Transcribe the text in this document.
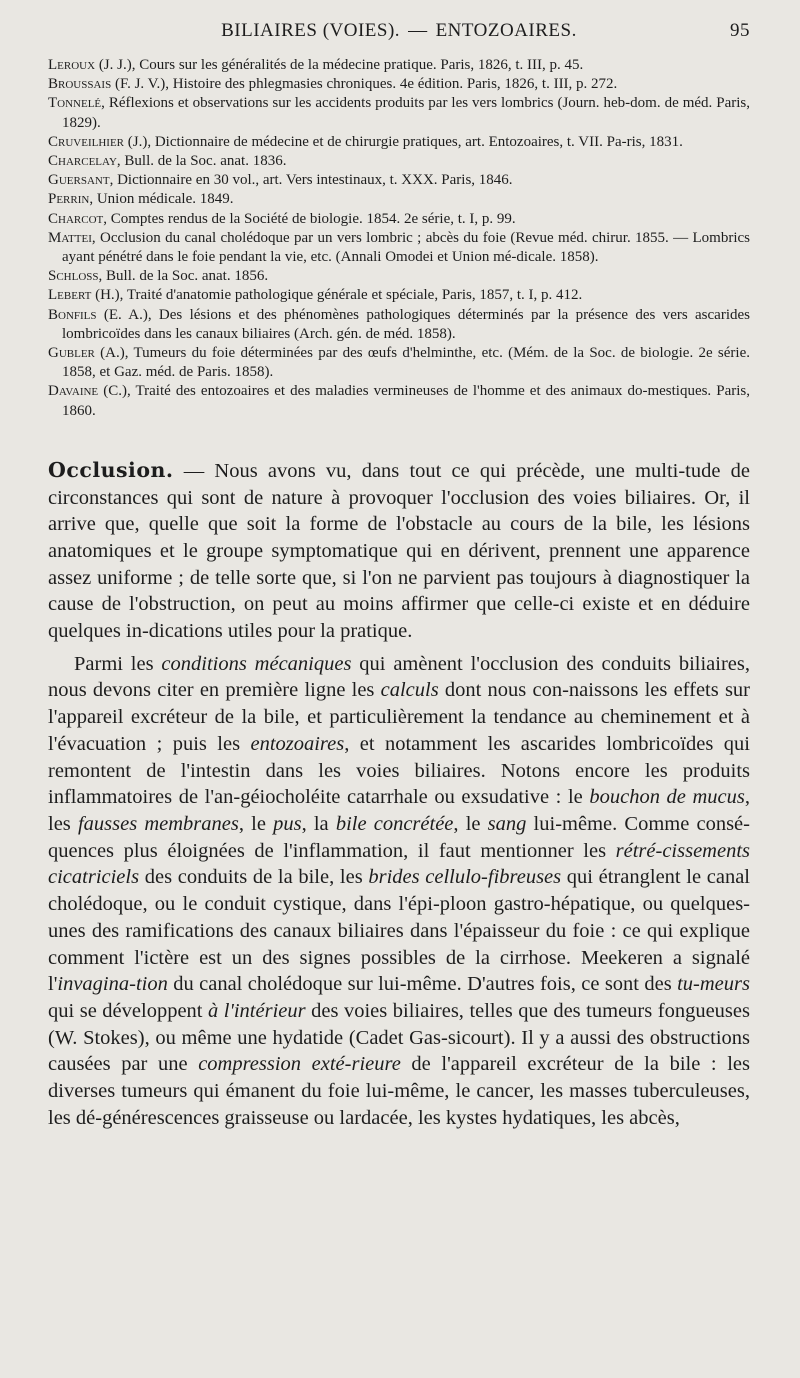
BILIAIRES (VOIES). — ENTOZOAIRES.	95
Leroux (J. J.), Cours sur les généralités de la médecine pratique. Paris, 1826, t. III, p. 45.
Broussais (F. J. V.), Histoire des phlegmasies chroniques. 4e édition. Paris, 1826, t. III, p. 272.
Tonnelé, Réflexions et observations sur les accidents produits par les vers lombrics (Journ. heb-dom. de méd. Paris, 1829).
Cruveilhier (J.), Dictionnaire de médecine et de chirurgie pratiques, art. Entozoaires, t. VII. Pa-ris, 1831.
Charcelay, Bull. de la Soc. anat. 1836.
Guersant, Dictionnaire en 30 vol., art. Vers intestinaux, t. XXX. Paris, 1846.
Perrin, Union médicale. 1849.
Charcot, Comptes rendus de la Société de biologie. 1854. 2e série, t. I, p. 99.
Mattei, Occlusion du canal cholédoque par un vers lombric ; abcès du foie (Revue méd. chirur. 1855. — Lombrics ayant pénétré dans le foie pendant la vie, etc. (Annali Omodei et Union mé-dicale. 1858).
Schloss, Bull. de la Soc. anat. 1856.
Lebert (H.), Traité d'anatomie pathologique générale et spéciale, Paris, 1857, t. I, p. 412.
Bonfils (E. A.), Des lésions et des phénomènes pathologiques déterminés par la présence des vers ascarides lombricoïdes dans les canaux biliaires (Arch. gén. de méd. 1858).
Gubler (A.), Tumeurs du foie déterminées par des œufs d'helminthe, etc. (Mém. de la Soc. de biologie. 2e série. 1858, et Gaz. méd. de Paris. 1858).
Davaine (C.), Traité des entozoaires et des maladies vermineuses de l'homme et des animaux do-mestiques. Paris, 1860.

Occlusion. — Nous avons vu, dans tout ce qui précède, une multi-tude de circonstances qui sont de nature à provoquer l'occlusion des voies biliaires. Or, il arrive que, quelle que soit la forme de l'obstacle au cours de la bile, les lésions anatomiques et le groupe symptomatique qui en dérivent, prennent une apparence assez uniforme ; de telle sorte que, si l'on ne parvient pas toujours à diagnostiquer la cause de l'obstruction, on peut au moins affirmer que celle-ci existe et en déduire quelques in-dications utiles pour la pratique.

Parmi les conditions mécaniques qui amènent l'occlusion des conduits biliaires, nous devons citer en première ligne les calculs dont nous con-naissons les effets sur l'appareil excréteur de la bile, et particulièrement la tendance au cheminement et à l'évacuation ; puis les entozoaires, et notamment les ascarides lombricoïdes qui remontent de l'intestin dans les voies biliaires. Notons encore les produits inflammatoires de l'an-géiocholéite catarrhale ou exsudative : le bouchon de mucus, les fausses membranes, le pus, la bile concrétée, le sang lui-même. Comme consé-quences plus éloignées de l'inflammation, il faut mentionner les rétré-cissements cicatriciels des conduits de la bile, les brides cellulo-fibreuses qui étranglent le canal cholédoque, ou le conduit cystique, dans l'épi-ploon gastro-hépatique, ou quelques-unes des ramifications des canaux biliaires dans l'épaisseur du foie : ce qui explique comment l'ictère est un des signes possibles de la cirrhose. Meekeren a signalé l'invagina-tion du canal cholédoque sur lui-même. D'autres fois, ce sont des tu-meurs qui se développent à l'intérieur des voies biliaires, telles que des tumeurs fongueuses (W. Stokes), ou même une hydatide (Cadet Gas-sicourt). Il y a aussi des obstructions causées par une compression exté-rieure de l'appareil excréteur de la bile : les diverses tumeurs qui émanent du foie lui-même, le cancer, les masses tuberculeuses, les dé-générescences graisseuse ou lardacée, les kystes hydatiques, les abcès,
